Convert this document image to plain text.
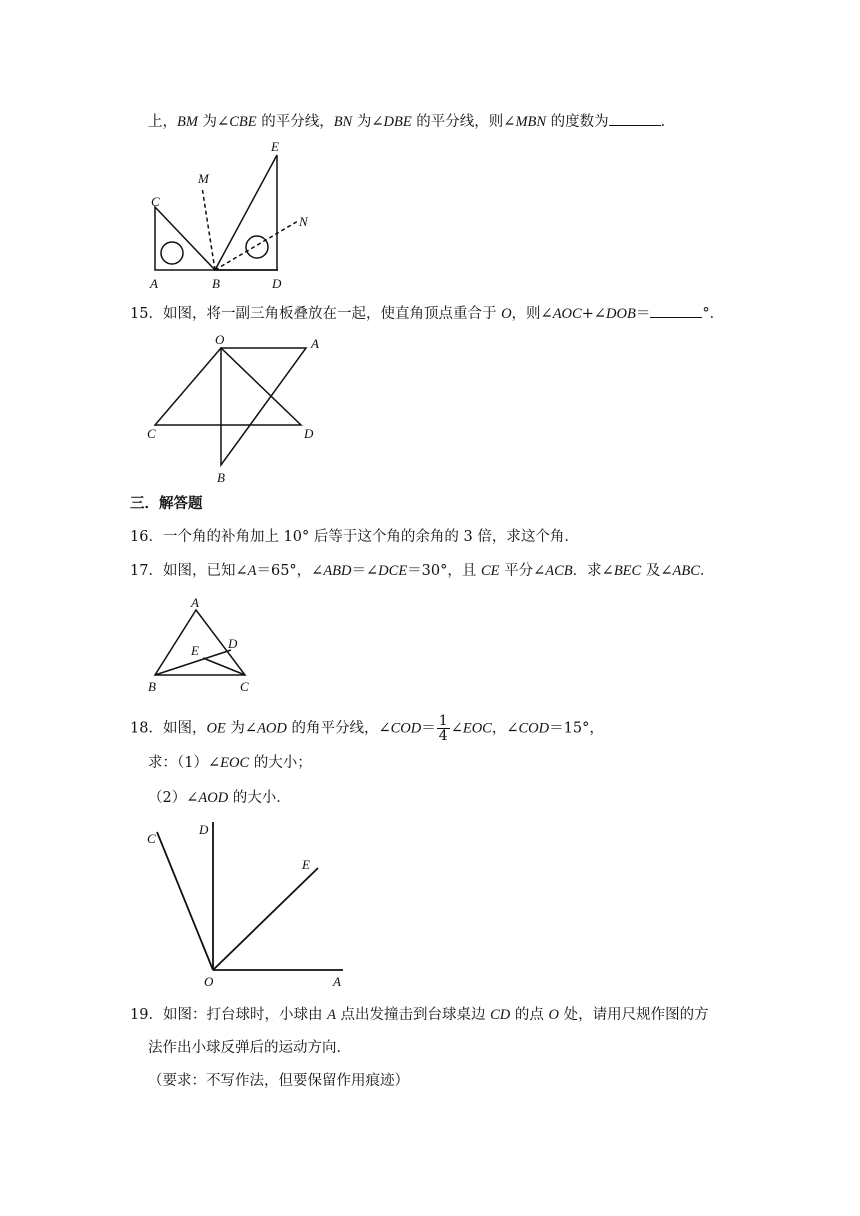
上，BM 为∠CBE 的平分线，BN 为∠DBE 的平分线，则∠MBN 的度数为	．
C
M
E
N
A	B	D
15．如图，将一副三角板叠放在一起，使直角顶点重合于 O，则∠AOC+∠DOB＝	°．
O	A
C	D
B
三．解答题
16．一个角的补角加上 10° 后等于这个角的余角的 3 倍，求这个角．
17．如图，已知∠A＝65°，∠ABD＝∠DCE＝30°，且 CE 平分∠ACB．求∠BEC 及∠ABC．
A
E D
B	C
18．如图，OE 为∠AOD 的角平分线，∠COD＝ $\frac{1}{4}$ ∠EOC，∠COD＝15°，
求：（1）∠EOC 的大小；
（2）∠AOD 的大小．
C
D
E
O	A
19．如图：打台球时，小球由 A 点出发撞击到台球桌边 CD 的点 O 处，请用尺规作图的方
法作出小球反弹后的运动方向．
（要求：不写作法，但要保留作用痕迹）
